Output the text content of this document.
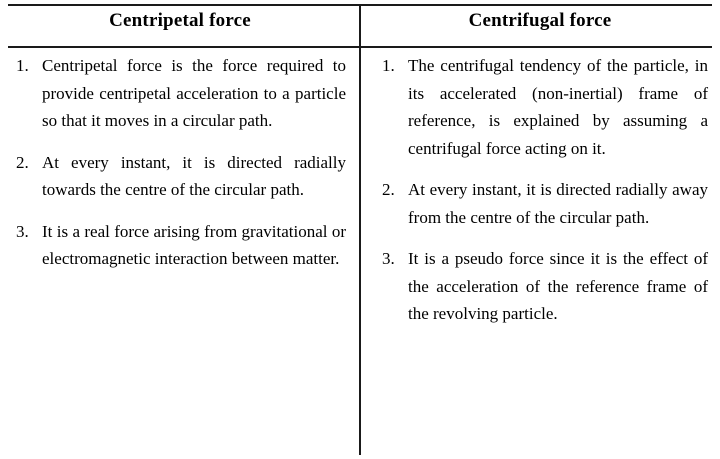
Centripetal force	Centrifugal force

1. Centripetal force is the force required to provide centripetal acceleration to a particle so that it moves in a circular path.
2. At every instant, it is directed radially towards the centre of the circular path.
3. It is a real force arising from gravitational or electromagnetic interaction between matter.

1. The centrifugal tendency of the particle, in its accelerated (non-inertial) frame of reference, is explained by assuming a centrifugal force acting on it.
2. At every instant, it is directed radially away from the centre of the circular path.
3. It is a pseudo force since it is the effect of the acceleration of the reference frame of the revolving particle.
